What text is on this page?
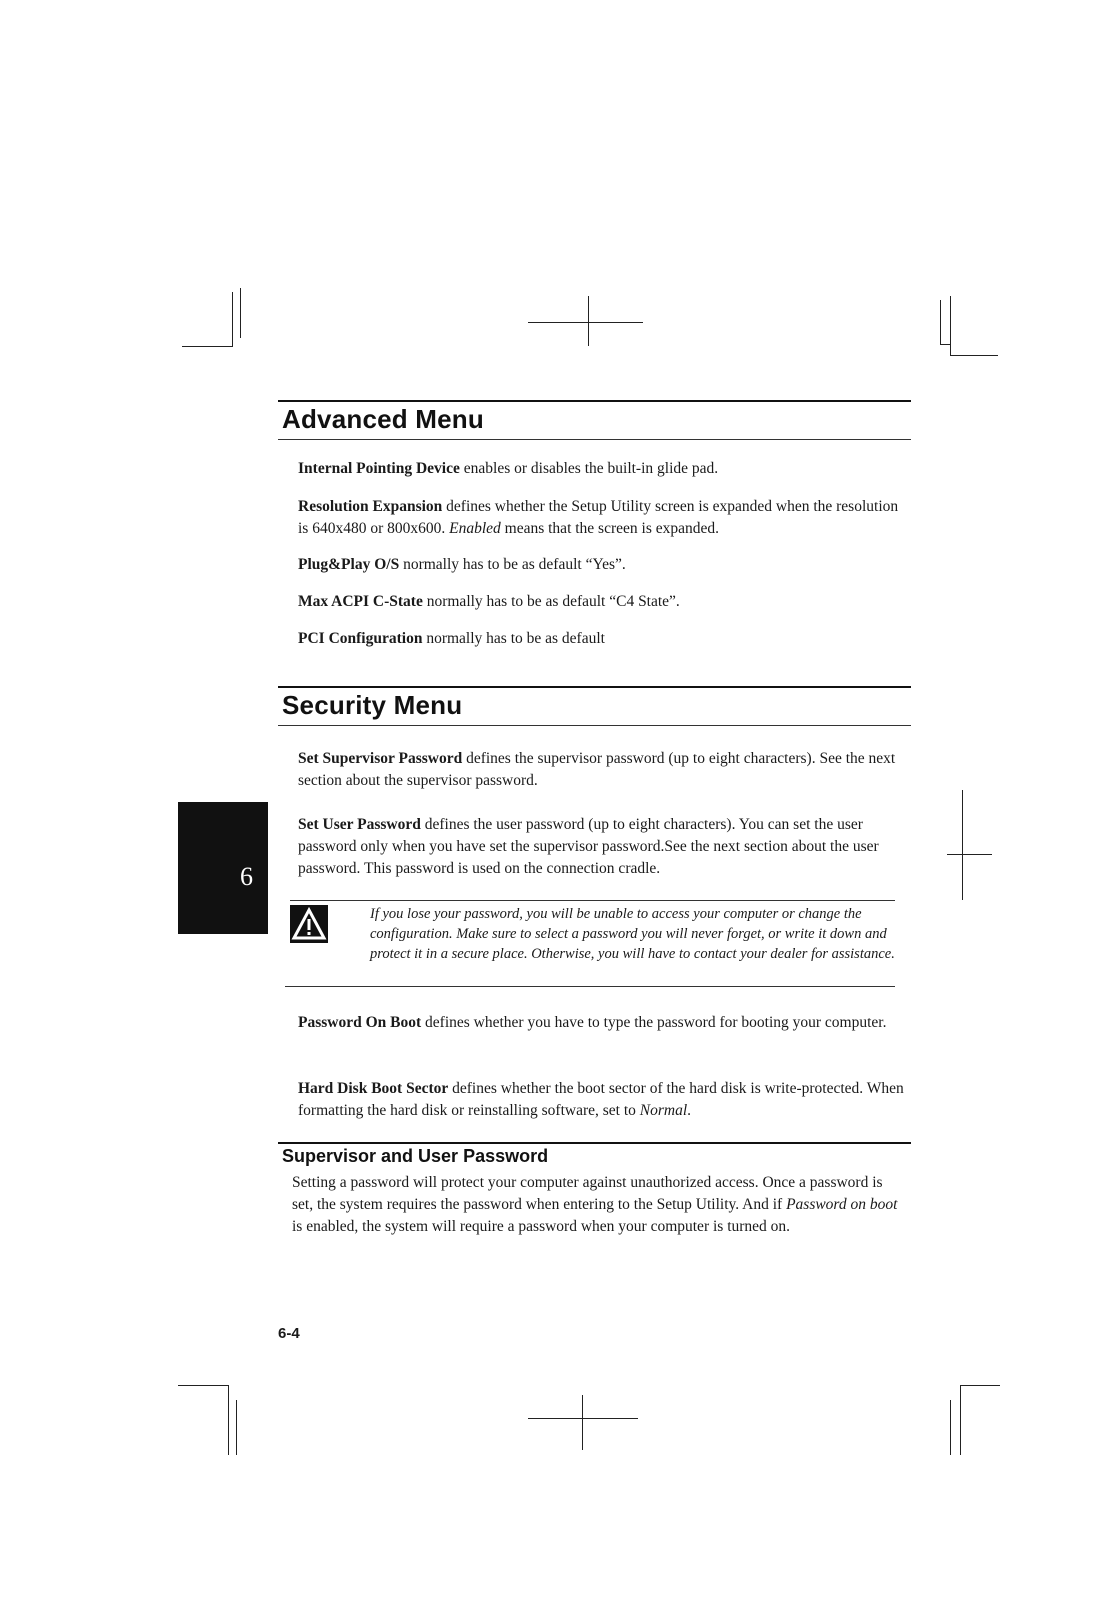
Advanced Menu

Internal Pointing Device enables or disables the built-in glide pad.

Resolution Expansion defines whether the Setup Utility screen is expanded when the resolution is 640x480 or 800x600. Enabled means that the screen is expanded.

Plug&Play O/S normally has to be as default “Yes”.

Max ACPI C-State normally has to be as default “C4 State”.

PCI Configuration normally has to be as default

Security Menu

Set Supervisor Password defines the supervisor password (up to eight characters). See the next section about the supervisor password.

6

Set User Password defines the user password (up to eight characters). You can set the user password only when you have set the supervisor password.See the next section about the user password. This password is used on the connection cradle.

If you lose your password, you will be unable to access your computer or change the configuration. Make sure to select a password you will never forget, or write it down and protect it in a secure place. Otherwise, you will have to contact your dealer for assistance.

Password On Boot defines whether you have to type the password for booting your computer.

Hard Disk Boot Sector defines whether the boot sector of the hard disk is write-protected. When formatting the hard disk or reinstalling software, set to Normal.

Supervisor and User Password

Setting a password will protect your computer against unauthorized access. Once a password is set, the system requires the password when entering to the Setup Utility. And if Password on boot is enabled, the system will require a password when your computer is turned on.

6-4
